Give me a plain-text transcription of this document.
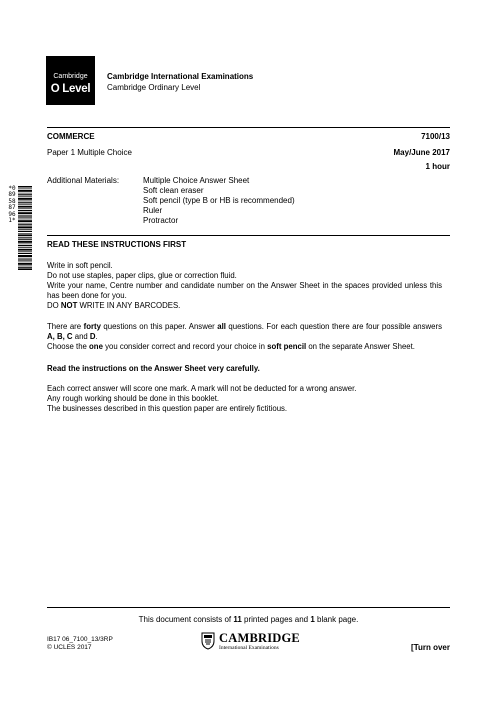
Cambridge
O Level
Cambridge International Examinations
Cambridge Ordinary Level
COMMERCE	7100/13
Paper 1 Multiple Choice	May/June 2017
1 hour
Additional Materials:	Multiple Choice Answer Sheet
Soft clean eraser
Soft pencil (type B or HB is recommended)
Ruler
Protractor
*0895887961*
READ THESE INSTRUCTIONS FIRST

Write in soft pencil.

Do not use staples, paper clips, glue or correction fluid.

Write your name, Centre number and candidate number on the Answer Sheet in the spaces provided unless this has been done for you.

DO NOT WRITE IN ANY BARCODES.

There are forty questions on this paper. Answer all questions. For each question there are four possible answers A, B, C and D.

Choose the one you consider correct and record your choice in soft pencil on the separate Answer Sheet.

Read the instructions on the Answer Sheet very carefully.

Each correct answer will score one mark. A mark will not be deducted for a wrong answer.

Any rough working should be done in this booklet.

The businesses described in this question paper are entirely fictitious.

This document consists of 11 printed pages and 1 blank page.
IB17 06_7100_13/3RP
© UCLES 2017
CAMBRIDGE
International Examinations	[Turn over
